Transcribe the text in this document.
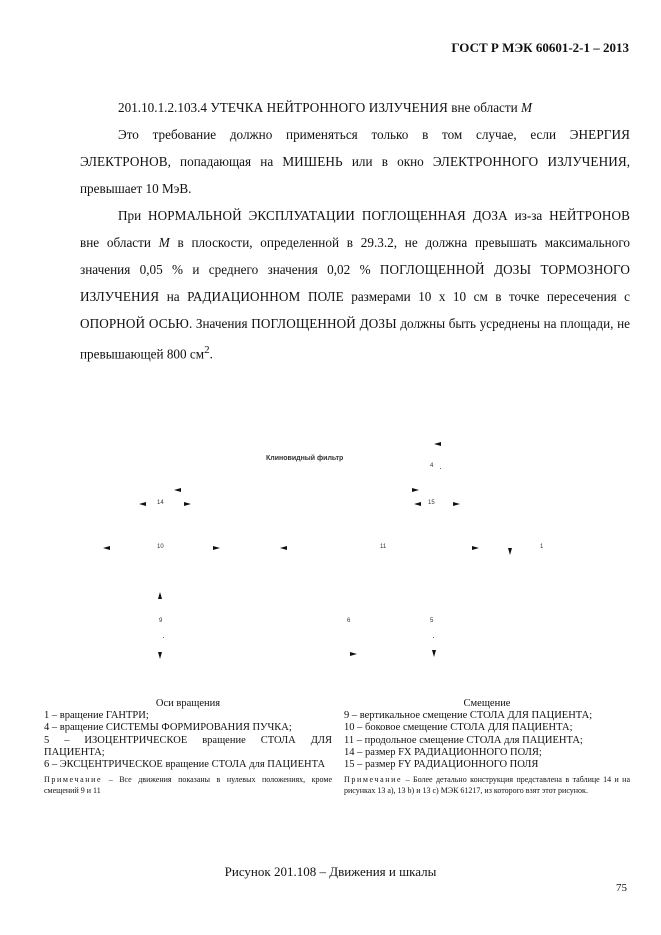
ГОСТ Р МЭК 60601-2-1 – 2013

201.10.1.2.103.4 УТЕЧКА НЕЙТРОННОГО ИЗЛУЧЕНИЯ вне области M

Это требование должно применяться только в том случае, если ЭНЕРГИЯ ЭЛЕКТРОНОВ, попадающая на МИШЕНЬ или в окно ЭЛЕКТРОННОГО ИЗЛУЧЕНИЯ, превышает 10 МэВ.

При НОРМАЛЬНОЙ ЭКСПЛУАТАЦИИ ПОГЛОЩЕННАЯ ДОЗА из-за НЕЙТРОНОВ вне области M в плоскости, определенной в 29.3.2, не должна превышать максимального значения 0,05 % и среднего значения 0,02 % ПОГЛОЩЕННОЙ ДОЗЫ ТОРМОЗНОГО ИЗЛУЧЕНИЯ на РАДИАЦИОННОМ ПОЛЕ размерами 10 х 10 см в точке пересечения с ОПОРНОЙ ОСЬЮ. Значения ПОГЛОЩЕННОЙ ДОЗЫ должны быть усреднены на площади, не превышающей 800 $см^2$.

Клиновидный фильтр
4
14	15
10	11	1
9	6	5
Оси вращения
1 – вращение ГАНТРИ;
4 – вращение СИСТЕМЫ ФОРМИРОВАНИЯ ПУЧКА;
5 – ИЗОЦЕНТРИЧЕСКОЕ вращение СТОЛА ДЛЯ ПАЦИЕНТА;
6 – ЭКСЦЕНТРИЧЕСКОЕ вращение СТОЛА для ПАЦИЕНТА
Примечание – Все движения показаны в нулевых положениях, кроме смещений 9 и 11
Смещение
9 – вертикальное смещение СТОЛА ДЛЯ ПАЦИЕНТА;
10 – боковое смещение СТОЛА ДЛЯ ПАЦИЕНТА;
11 – продольное смещение СТОЛА для ПАЦИЕНТА;
14 – размер FX РАДИАЦИОННОГО ПОЛЯ;
15 – размер FY РАДИАЦИОННОГО ПОЛЯ
Примечание – Более детально конструкция представлена в таблице 14 и на рисунках 13 а), 13 b) и 13 с) МЭК 61217, из которого взят этот рисунок.
Рисунок 201.108 – Движения и шкалы
75
